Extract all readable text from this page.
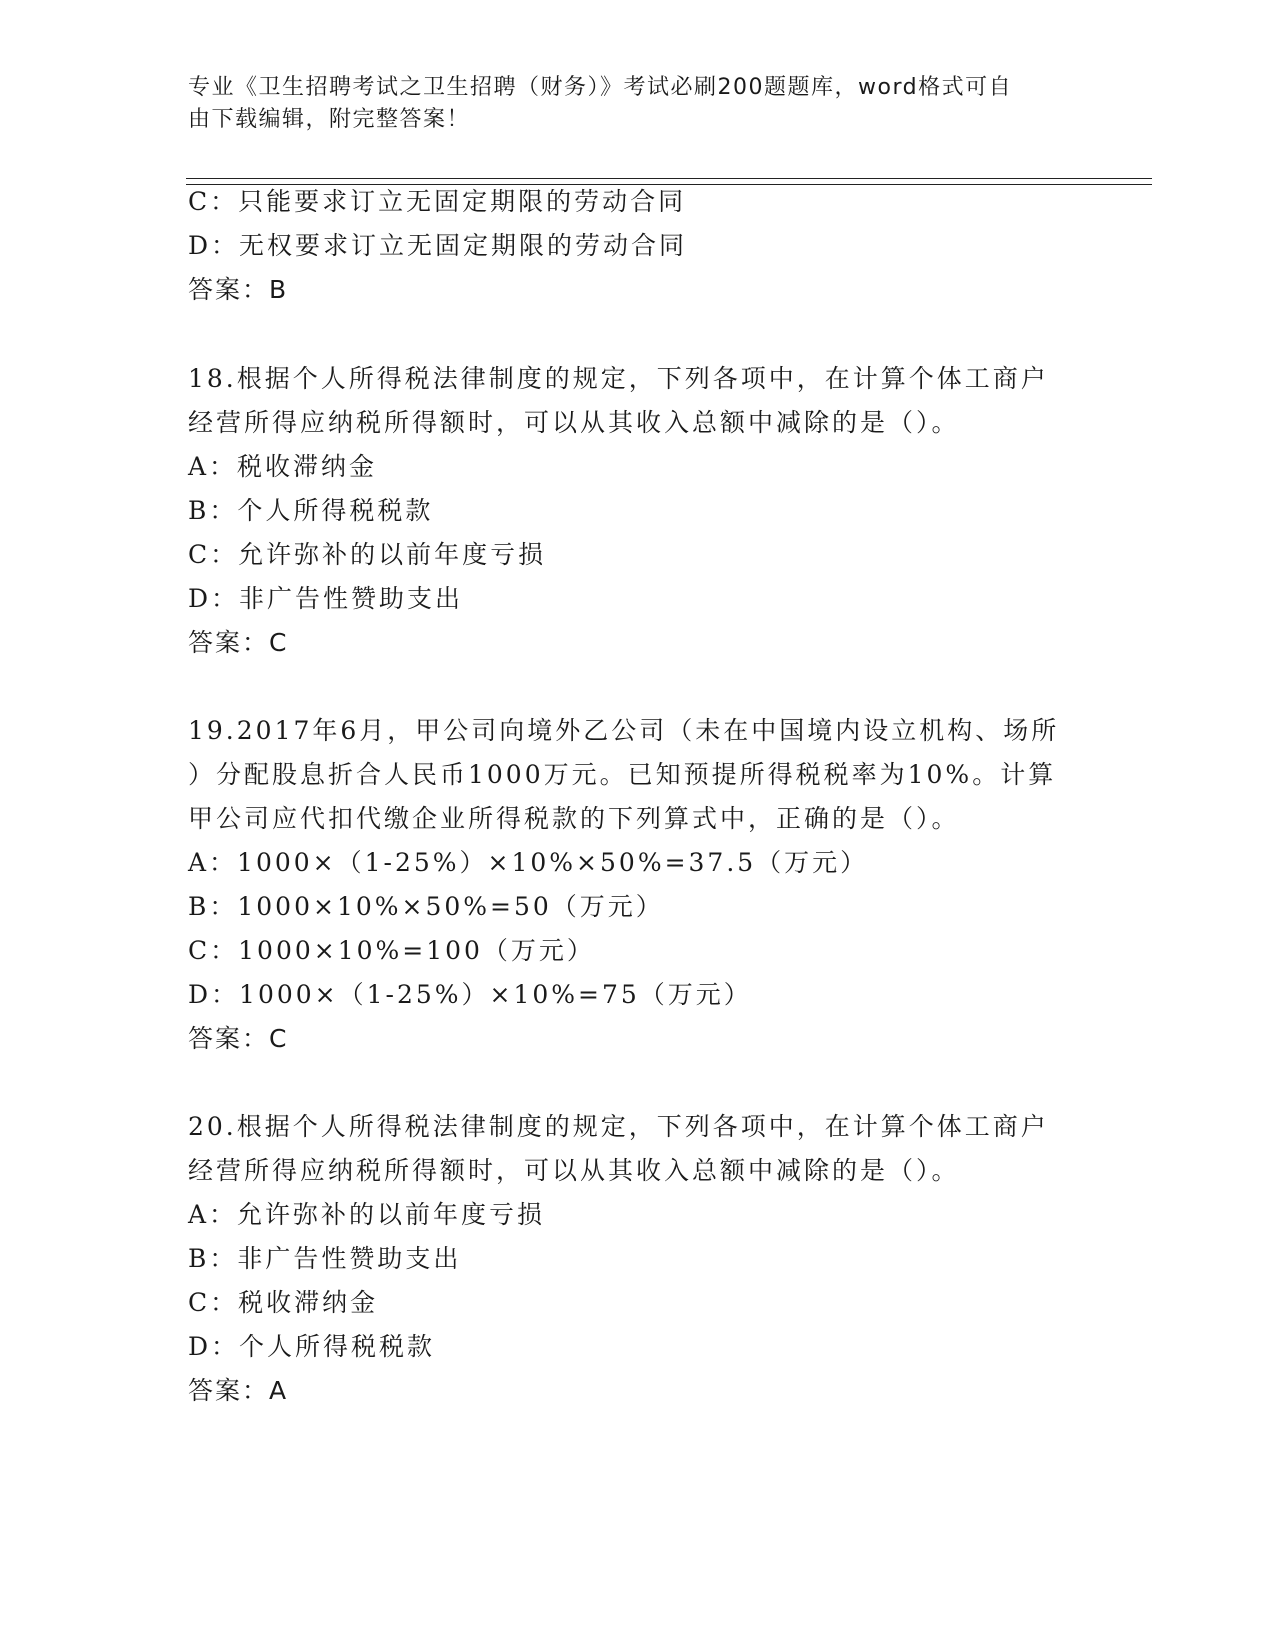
专业《卫生招聘考试之卫生招聘（财务）》考试必刷200题题库，word格式可自
由下载编辑，附完整答案！
C：只能要求订立无固定期限的劳动合同
D：无权要求订立无固定期限的劳动合同
答案：B
18.根据个人所得税法律制度的规定，下列各项中，在计算个体工商户
经营所得应纳税所得额时，可以从其收入总额中减除的是（）。
A：税收滞纳金
B：个人所得税税款
C：允许弥补的以前年度亏损
D：非广告性赞助支出
答案：C
19.2017年6月，甲公司向境外乙公司（未在中国境内设立机构、场所
）分配股息折合人民币1000万元。已知预提所得税税率为10%。计算
甲公司应代扣代缴企业所得税款的下列算式中，正确的是（）。
A：1000×（1-25%）×10%×50%=37.5（万元）
B：1000×10%×50%=50（万元）
C：1000×10%=100（万元）
D：1000×（1-25%）×10%=75（万元）
答案：C
20.根据个人所得税法律制度的规定，下列各项中，在计算个体工商户
经营所得应纳税所得额时，可以从其收入总额中减除的是（）。
A：允许弥补的以前年度亏损
B：非广告性赞助支出
C：税收滞纳金
D：个人所得税税款
答案：A
